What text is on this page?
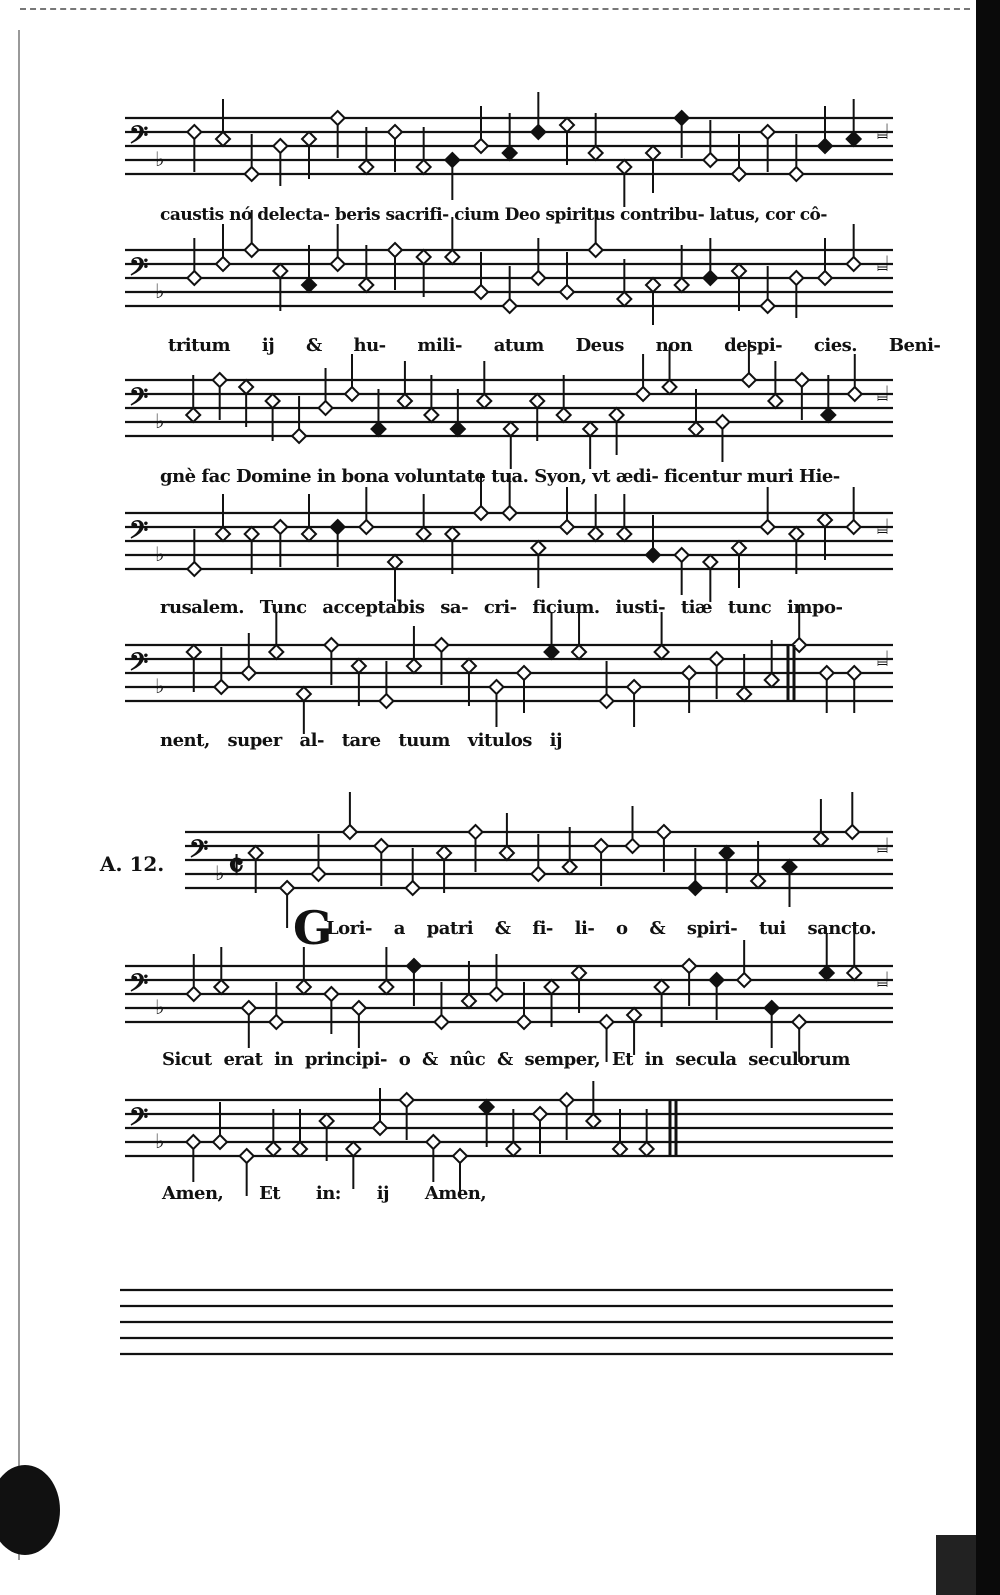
𝄢
♭
𝆶
𝄢
♭
𝆶
𝄢
♭
𝆶
𝄢
♭
𝆶
𝄢
♭
𝆶
𝄢
♭
𝆶
𝄢
♭
𝆶
𝄢
♭
𝄵

A. 12.

G

caustis nó delecta- beris sacrifi- cium Deo spiritus contribu- latus, cor cô-

tritum ij & hu- mili- atum Deus non despi- cies. Beni-

gnè fac Domine in bona voluntate tua. Syon, vt ædi- ficentur muri Hie-

rusalem. Tunc acceptabis sa- cri- ficium. iusti- tiæ tunc impo-

nent, super al- tare tuum vitulos ij

Lori- a patri & fi- li- o & spiri- tui sancto.

Sicut erat in principi- o & nûc & semper, Et in secula seculorum

Amen, Et in: ij Amen,
